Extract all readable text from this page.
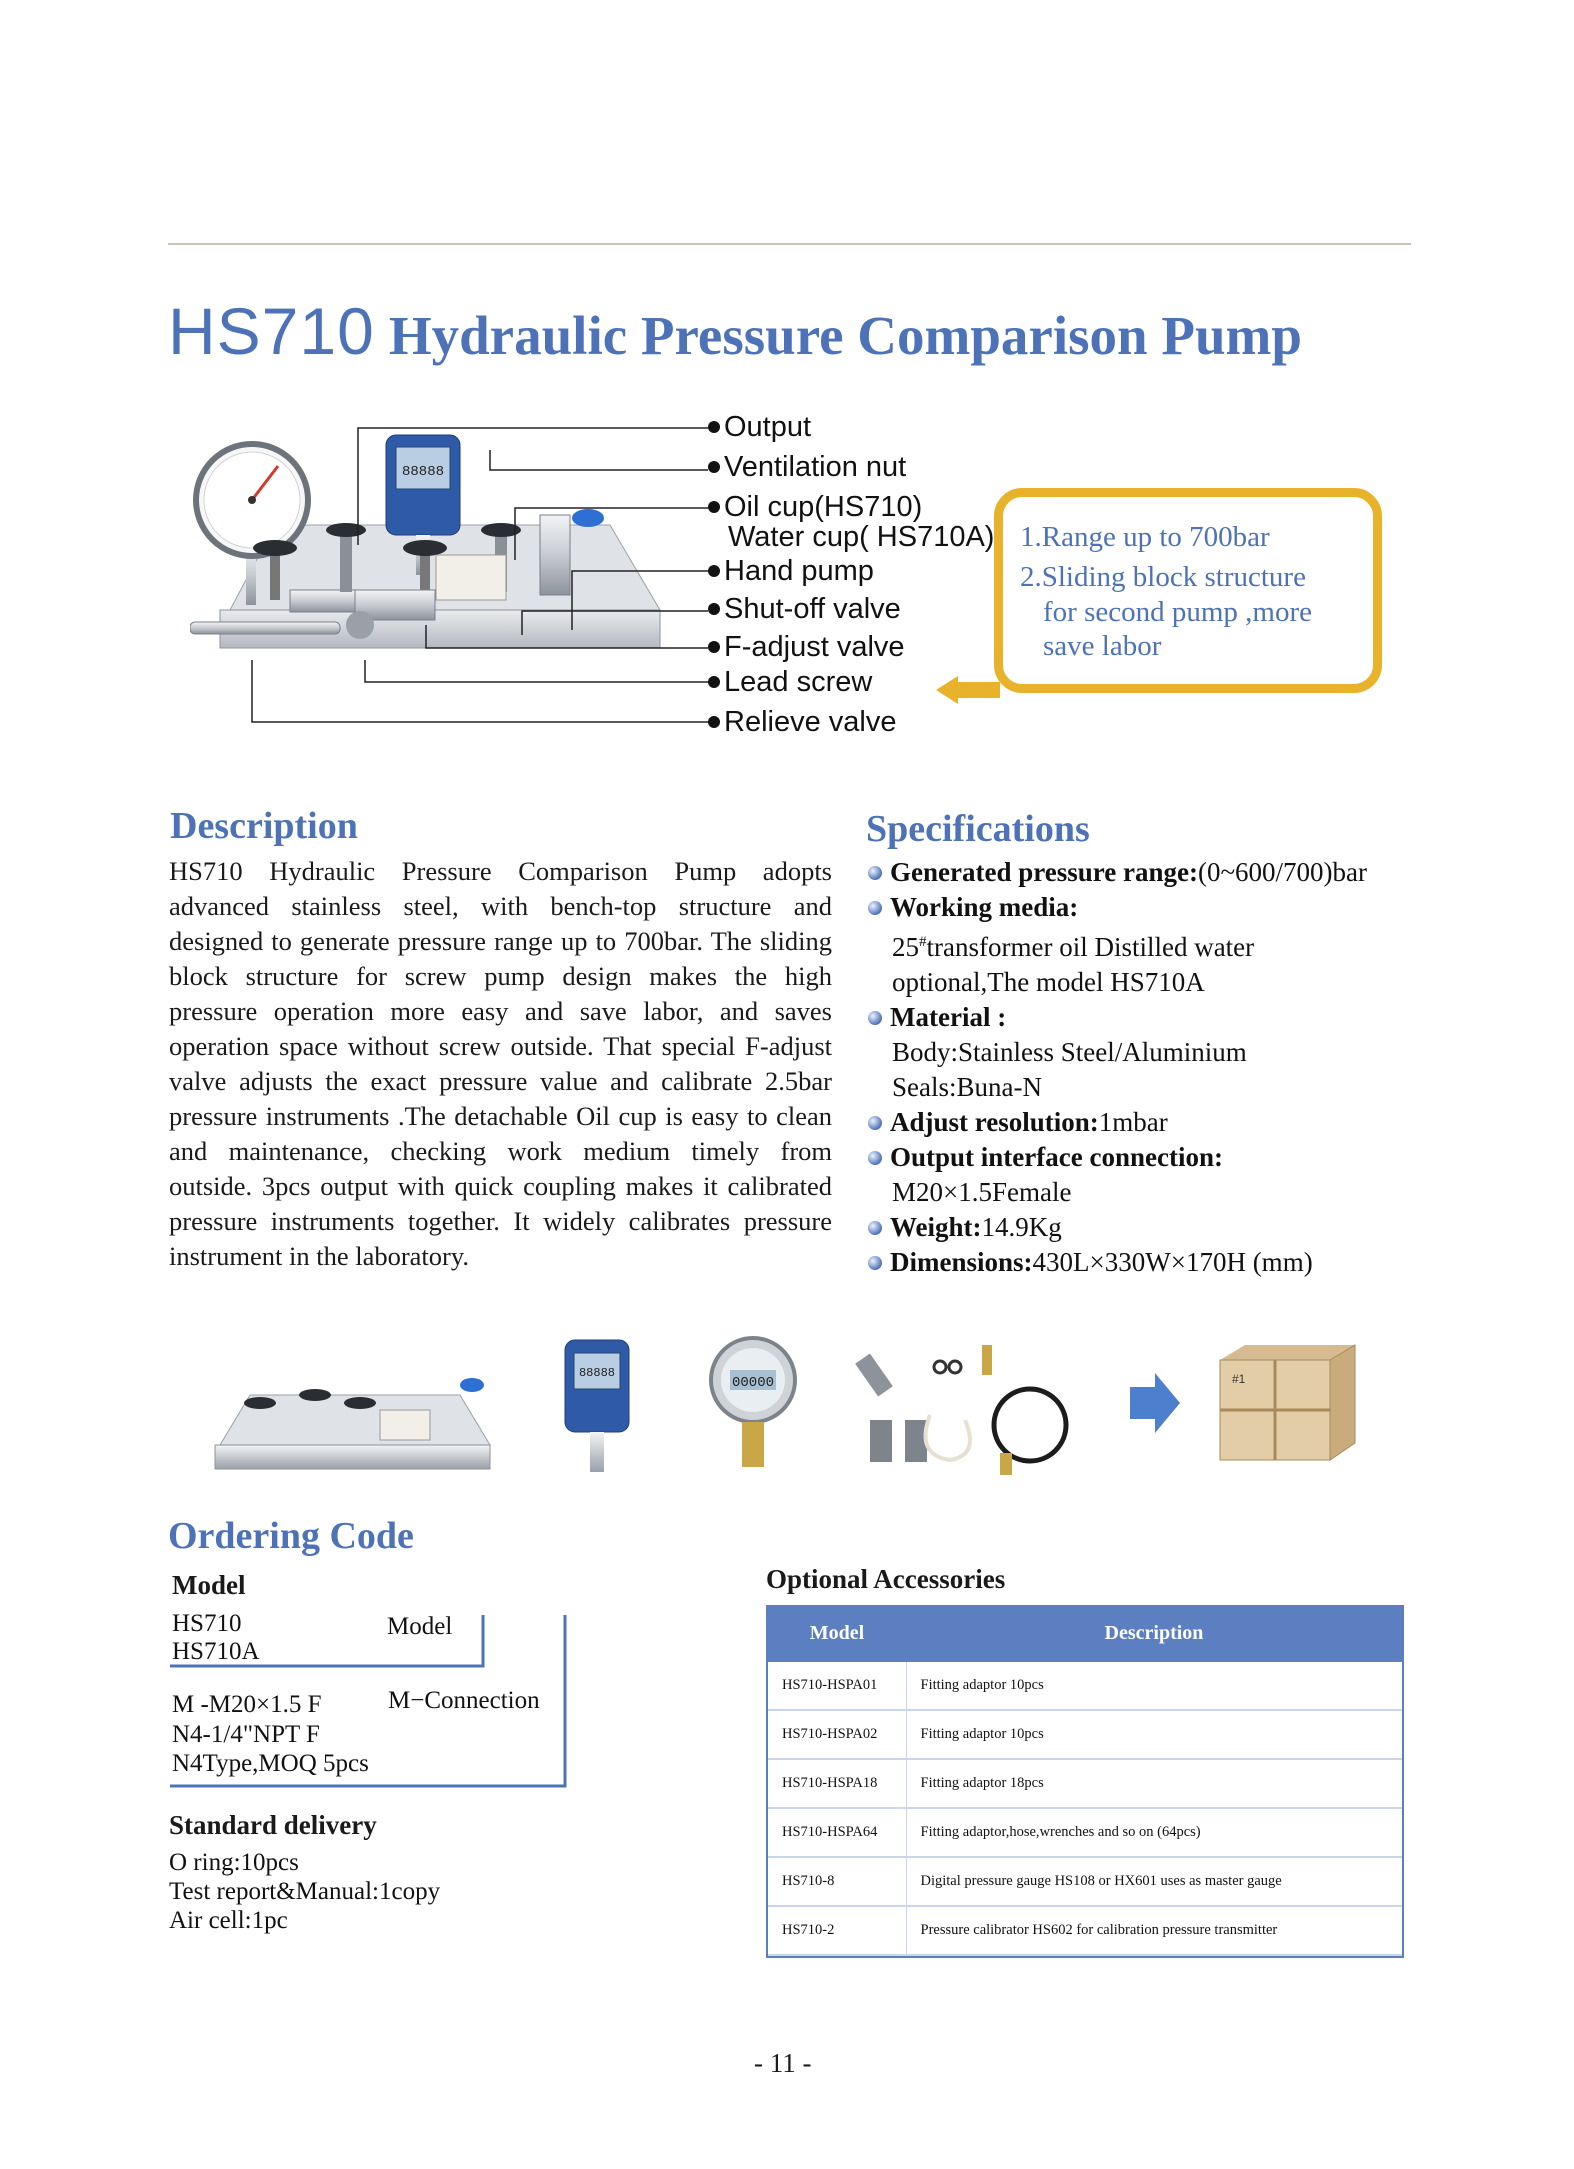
HS710 Hydraulic Pressure Comparison Pump
88888
Output
Ventilation nut
Oil cup(HS710)
Water cup( HS710A)
Hand pump
Shut-off valve
F-adjust valve
Lead screw
Relieve valve
1.Range up to 700bar
2.Sliding block structure
for second pump ,more
save labor
Description
HS710 Hydraulic Pressure Comparison Pump adopts advanced stainless steel, with bench-top structure and designed to generate pressure range up to 700bar. The sliding block structure for screw pump design makes the high pressure operation more easy and save labor, and saves operation space without screw outside. That special F-adjust valve adjusts the exact pressure value and calibrate 2.5bar pressure instruments .The detachable Oil cup is easy to clean and maintenance, checking work medium timely from outside. 3pcs output with quick coupling makes it calibrated pressure instruments together. It widely calibrates pressure instrument in the laboratory.
Specifications
Generated pressure range:(0~600/700)bar
Working media:
25#transformer oil Distilled water
optional,The model HS710A
Material :
Body:Stainless Steel/Aluminium
Seals:Buna-N
Adjust resolution:1mbar
Output interface connection:
M20×1.5Female
Weight:14.9Kg
Dimensions:430L×330W×170H (mm)
88888
00000	#1
Ordering Code
Model
HS710
HS710A
Model
M -M20×1.5 F
N4-1/4"NPT F
N4Type,MOQ 5pcs
M−Connection
Standard delivery
O ring:10pcs
Test report&Manual:1copy
Air cell:1pc
Optional Accessories
Model	Description
HS710-HSPA01	Fitting adaptor 10pcs
HS710-HSPA02	Fitting adaptor 10pcs
HS710-HSPA18	Fitting adaptor 18pcs
HS710-HSPA64	Fitting adaptor,hose,wrenches and so on (64pcs)
HS710-8	Digital pressure gauge HS108 or HX601 uses as master gauge
HS710-2	Pressure calibrator HS602 for calibration pressure transmitter
- 11 -
